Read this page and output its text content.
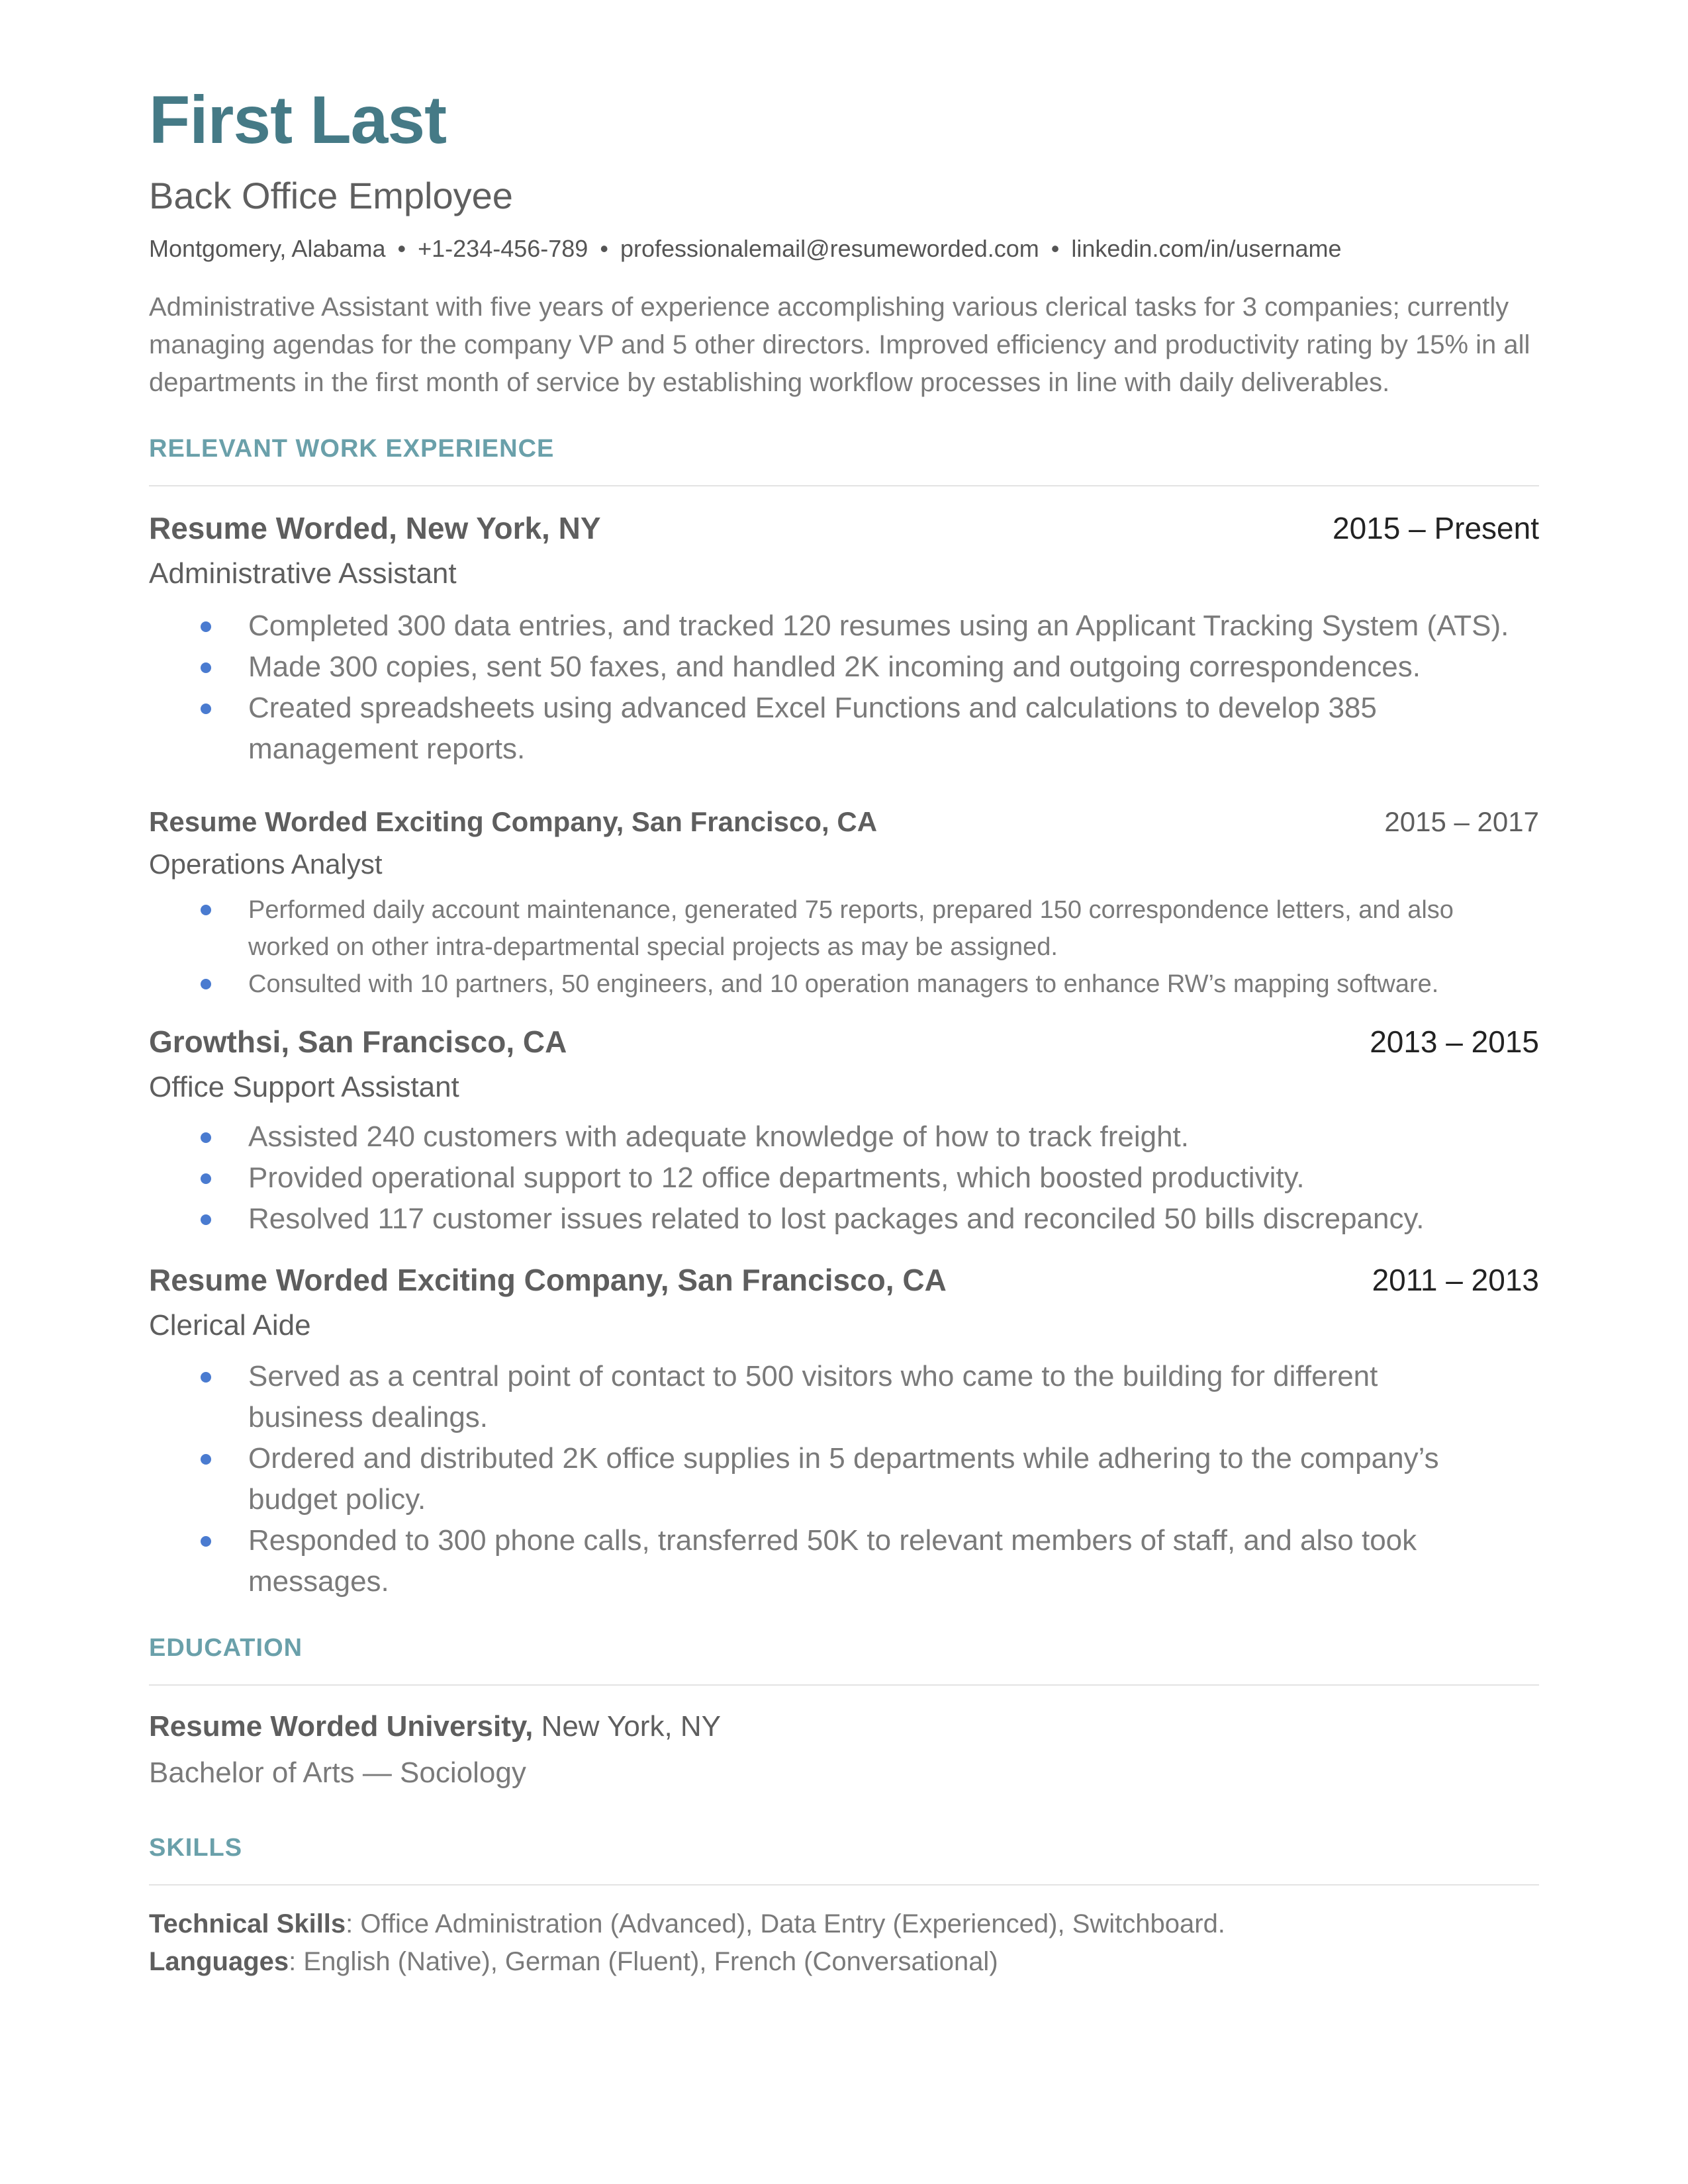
First Last
Back Office Employee
Montgomery, Alabama • +1-234-456-789 • professionalemail@resumeworded.com • linkedin.com/in/username
Administrative Assistant with five years of experience accomplishing various clerical tasks for 3 companies; currently managing agendas for the company VP and 5 other directors. Improved efficiency and productivity rating by 15% in all departments in the first month of service by establishing workflow processes in line with daily deliverables.
RELEVANT WORK EXPERIENCE
Resume Worded, New York, NY	2015 – Present
Administrative Assistant
Completed 300 data entries, and tracked 120 resumes using an Applicant Tracking System (ATS).
Made 300 copies, sent 50 faxes, and handled 2K incoming and outgoing correspondences.
Created spreadsheets using advanced Excel Functions and calculations to develop 385 management reports.
Resume Worded Exciting Company, San Francisco, CA	2015 – 2017
Operations Analyst
Performed daily account maintenance, generated 75 reports, prepared 150 correspondence letters, and also worked on other intra-departmental special projects as may be assigned.
Consulted with 10 partners, 50 engineers, and 10 operation managers to enhance RW’s mapping software.
Growthsi, San Francisco, CA	2013 – 2015
Office Support Assistant
Assisted 240 customers with adequate knowledge of how to track freight.
Provided operational support to 12 office departments, which boosted productivity.
Resolved 117 customer issues related to lost packages and reconciled 50 bills discrepancy.
Resume Worded Exciting Company, San Francisco, CA	2011 – 2013
Clerical Aide
Served as a central point of contact to 500 visitors who came to the building for different business dealings.
Ordered and distributed 2K office supplies in 5 departments while adhering to the company’s budget policy.
Responded to 300 phone calls, transferred 50K to relevant members of staff, and also took messages.
EDUCATION
Resume Worded University, New York, NY
Bachelor of Arts — Sociology
SKILLS
Technical Skills: Office Administration (Advanced), Data Entry (Experienced), Switchboard.
Languages: English (Native), German (Fluent), French (Conversational)
